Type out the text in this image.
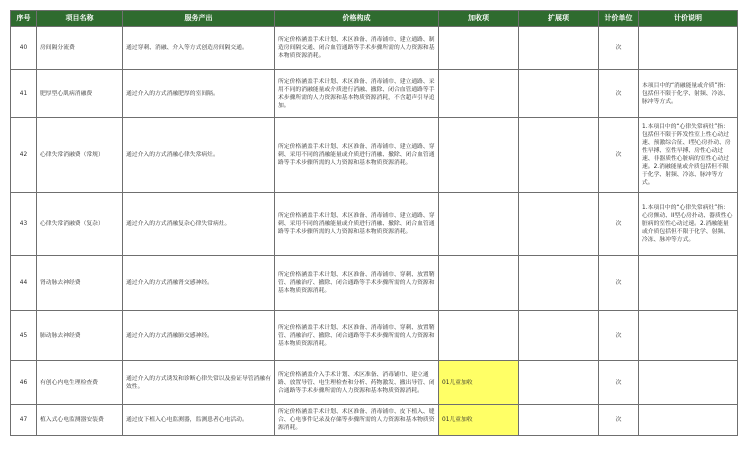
序号	项目名称	服务产出	价格构成	加收项	扩展项	计价单位	计价说明
40	房间隔分流费	通过穿刺、消融、介入等方式创造房间隔交通。	所定价格涵盖手术计划、术区准备、消毒铺巾、建立通路、制造房间隔交通、闭合血管通路等手术步骤所需的人力资源和基本物质资源消耗。			次	
41	肥厚型心肌病消融费	通过介入的方式消融肥厚的室间隔。	所定价格涵盖手术计划、术区准备、消毒铺巾、建立通路、采用不同的消融能量或介质进行消融、撤除、闭合血管通路等手术步骤所需的人力资源和基本物质资源消耗，不含超声引导追加。			次	本项目中的“消融能量或介质”指：包括但不限于化学、射频、冷冻、脉冲等方式。
42	心律失常消融费（常规）	通过介入的方式消融心律失常病灶。	所定价格涵盖手术计划、术区准备、消毒铺巾、建立通路、穿刺、采用不同的消融能量或介质进行消融、撤除、闭合血管通路等手术步骤所需的人力资源和基本物质资源消耗。			次	1.本项目中的“心律失常病灶”指：包括但不限于阵发性室上性心动过速、预激综合征、I型心房扑动、房性早搏、室性早搏、房性心动过速、非器质性心脏病的室性心动过速。2.消融能量或介质包括但不限于化学、射频、冷冻、脉冲等方式。
43	心律失常消融费（复杂）	通过介入的方式消融复杂心律失常病灶。	所定价格涵盖手术计划、术区准备、消毒铺巾、建立通路、穿刺、采用不同的消融能量或介质进行消融、撤除、闭合血管通路等手术步骤所需的人力资源和基本物质资源消耗。			次	1.本项目中的“心律失常病灶”指：心房颤动、II型心房扑动、器质性心脏病的室性心动过速。2.消融能量或介质包括但不限于化学、射频、冷冻、脉冲等方式。
44	肾动脉去神经费	通过介入的方式消融肾交感神经。	所定价格涵盖手术计划、术区准备、消毒铺巾、穿刺、放置鞘管、消融治疗、撤除、闭合通路等手术步骤所需的人力资源和基本物质资源消耗。			次	
45	肺动脉去神经费	通过介入的方式消融肺交感神经。	所定价格涵盖手术计划、术区准备、消毒铺巾、穿刺、放置鞘管、消融治疗、撤除、闭合通路等手术步骤所需的人力资源和基本物质资源消耗。			次	
46	有创心内电生理检查费	通过介入的方式诱发和诊断心律失常以及验证导管消融有效性。	所定价格涵盖介入手术计划、术区准备、消毒铺巾、建立通路、放置导管、电生理检查和分析、药物激发、撤出导管、闭合通路等手术步骤所需的人力资源和基本物质资源消耗。	01儿童加收		次	
47	植入式心电监测器安装费	通过皮下植入心电监测器，监测患者心电活动。	所定价格涵盖手术计划、术区准备、消毒铺巾、皮下植入、缝合、心电事件记录及存储等步骤所需的人力资源和基本物质资源消耗。	01儿童加收		次	
